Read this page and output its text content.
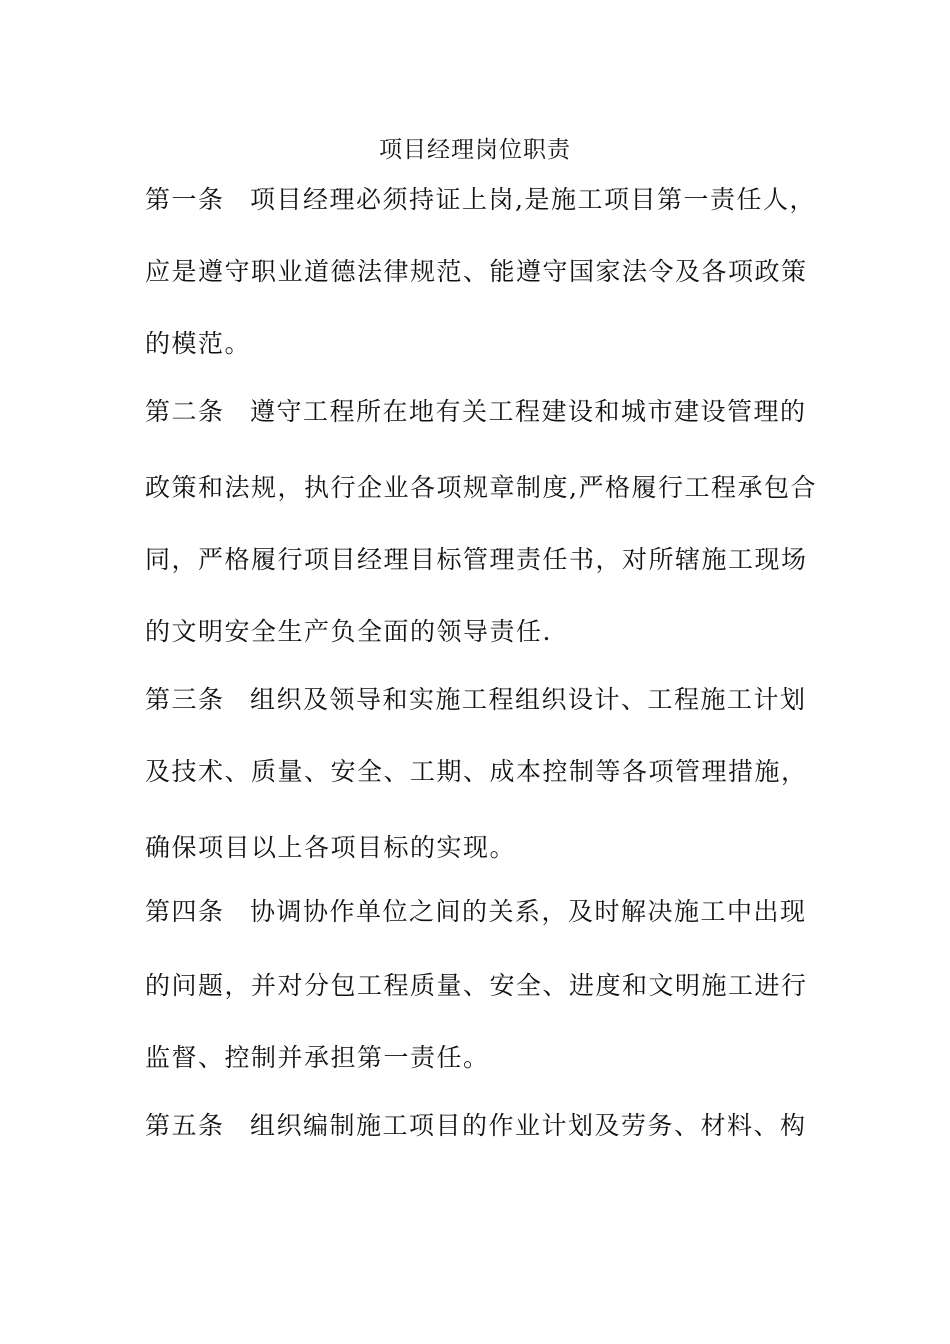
项目经理岗位职责
第一条 项目经理必须持证上岗,是施工项目第一责任人，
应是遵守职业道德法律规范、能遵守国家法令及各项政策
的模范。
第二条 遵守工程所在地有关工程建设和城市建设管理的
政策和法规，执行企业各项规章制度,严格履行工程承包合
同，严格履行项目经理目标管理责任书，对所辖施工现场
的文明安全生产负全面的领导责任.
第三条 组织及领导和实施工程组织设计、工程施工计划
及技术、质量、安全、工期、成本控制等各项管理措施，
确保项目以上各项目标的实现。
第四条 协调协作单位之间的关系，及时解决施工中出现
的问题，并对分包工程质量、安全、进度和文明施工进行
监督、控制并承担第一责任。
第五条 组织编制施工项目的作业计划及劳务、材料、构
